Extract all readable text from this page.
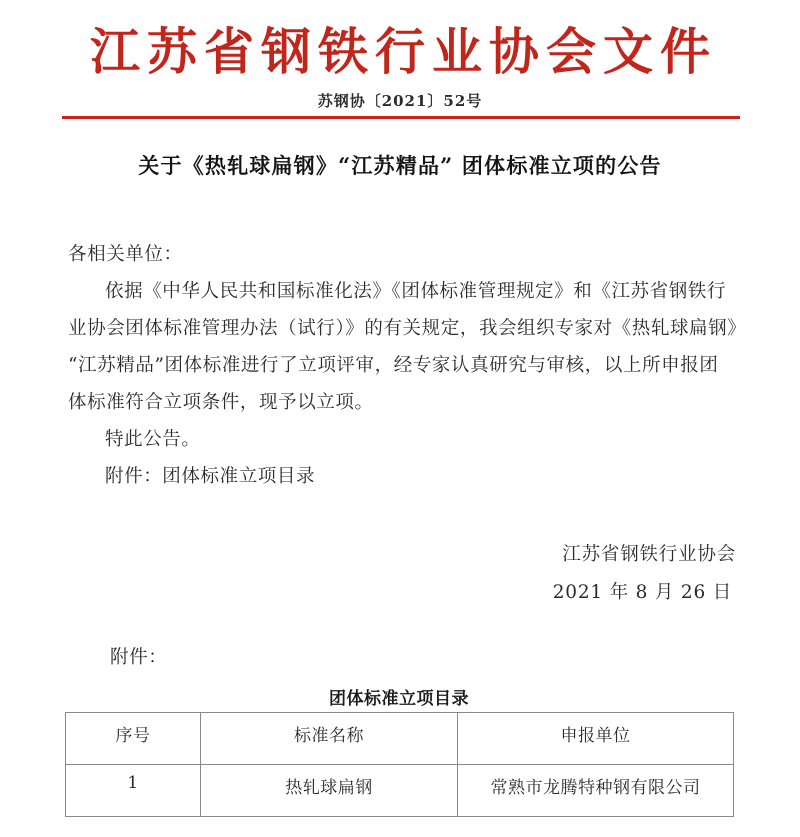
江苏省钢铁行业协会文件
苏钢协〔2021〕52号
关于《热轧球扁钢》“江苏精品” 团体标准立项的公告
各相关单位：
依据《中华人民共和国标准化法》《团体标准管理规定》和《江苏省钢铁行
业协会团体标准管理办法（试行）》的有关规定，我会组织专家对《热轧球扁钢》
“江苏精品”团体标准进行了立项评审，经专家认真研究与审核，以上所申报团
体标准符合立项条件，现予以立项。
特此公告。
附件：团体标准立项目录
江苏省钢铁行业协会
2021 年 8 月 26 日
附件：
团体标准立项目录
序号	标准名称	申报单位
1	热轧球扁钢	常熟市龙腾特种钢有限公司
